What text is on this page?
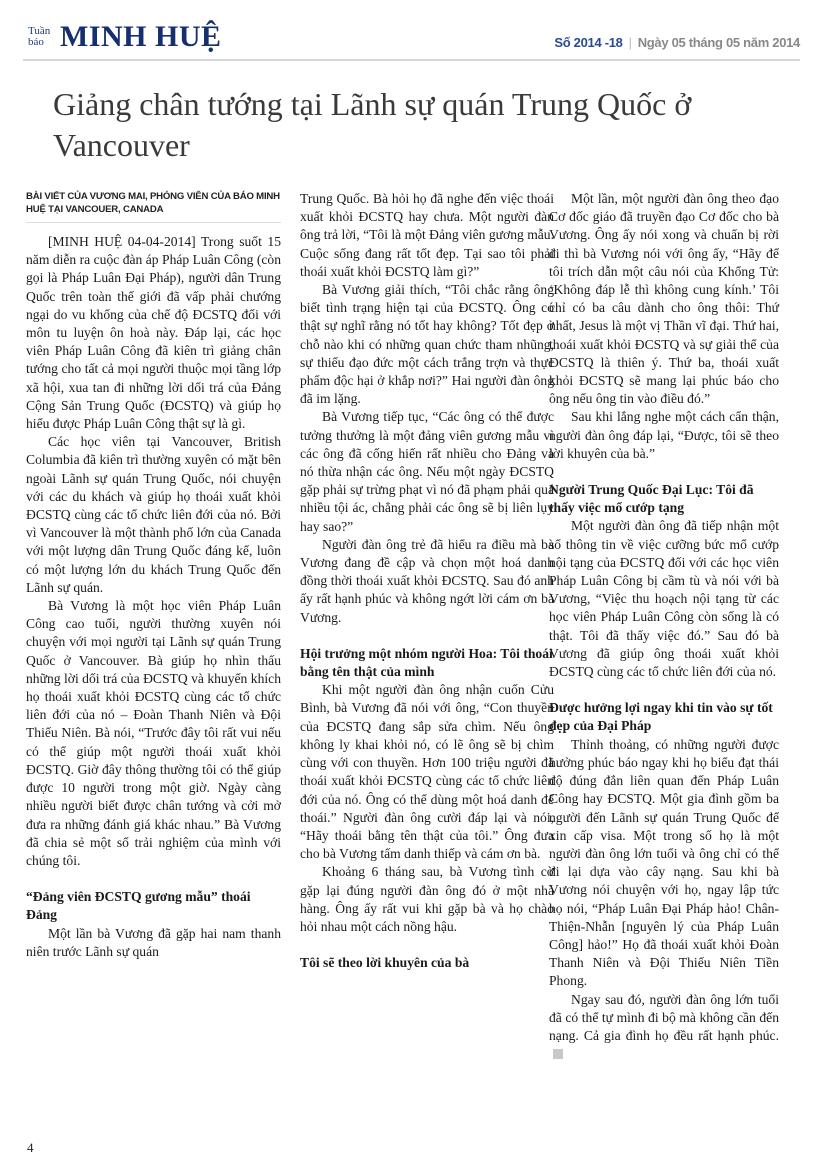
Tuần
báo MINH HUỆ	Số 2014 -18 | Ngày 05 tháng 05 năm 2014
Giảng chân tướng tại Lãnh sự quán Trung Quốc ở Vancouver
BÀI VIẾT CỦA VƯƠNG MAI, PHÓNG VIÊN CỦA BÁO MINH HUỆ TẠI VANCOUER, CANADA

[MINH HUỆ 04-04-2014] Trong suốt 15 năm diễn ra cuộc đàn áp Pháp Luân Công (còn gọi là Pháp Luân Đại Pháp), người dân Trung Quốc trên toàn thế giới đã vấp phải chướng ngại do vu khống của chế độ ĐCSTQ đối với môn tu luyện ôn hoà này. Đáp lại, các học viên Pháp Luân Công đã kiên trì giảng chân tướng cho tất cả mọi người thuộc mọi tầng lớp xã hội, xua tan đi những lời dối trá của Đảng Cộng Sản Trung Quốc (ĐCSTQ) và giúp họ hiểu được Pháp Luân Công thật sự là gì.

Các học viên tại Vancouver, British Columbia đã kiên trì thường xuyên có mặt bên ngoài Lãnh sự quán Trung Quốc, nói chuyện với các du khách và giúp họ thoái xuất khỏi ĐCSTQ cùng các tổ chức liên đới của nó. Bởi vì Vancouver là một thành phố lớn của Canada với một lượng dân Trung Quốc đáng kể, luôn có một lượng lớn du khách Trung Quốc đến Lãnh sự quán.

Bà Vương là một học viên Pháp Luân Công cao tuổi, người thường xuyên nói chuyện với mọi người tại Lãnh sự quán Trung Quốc ở Vancouver. Bà giúp họ nhìn thấu những lời dối trá của ĐCSTQ và khuyến khích họ thoái xuất khỏi ĐCSTQ cùng các tổ chức liên đới của nó – Đoàn Thanh Niên và Đội Thiếu Niên. Bà nói, “Trước đây tôi rất vui nếu có thể giúp một người thoái xuất khỏi ĐCSTQ. Giờ đây thông thường tôi có thể giúp được 10 người trong một giờ. Ngày càng nhiều người biết được chân tướng và cởi mở đưa ra những đánh giá khác nhau.” Bà Vương đã chia sẻ một số trải nghiệm của mình với chúng tôi.

“Đảng viên ĐCSTQ gương mẫu” thoái Đảng

Một lần bà Vương đã gặp hai nam thanh niên trước Lãnh sự quán

Trung Quốc. Bà hỏi họ đã nghe đến việc thoái xuất khỏi ĐCSTQ hay chưa. Một người đàn ông trả lời, “Tôi là một Đảng viên gương mẫu. Cuộc sống đang rất tốt đẹp. Tại sao tôi phải thoái xuất khỏi ĐCSTQ làm gì?”

Bà Vương giải thích, “Tôi chắc rằng ông biết tình trạng hiện tại của ĐCSTQ. Ông có thật sự nghĩ rằng nó tốt hay không? Tốt đẹp ở chỗ nào khi có những quan chức tham nhũng, sự thiếu đạo đức một cách trắng trợn và thực phẩm độc hại ở khắp nơi?” Hai người đàn ông đã im lặng.

Bà Vương tiếp tục, “Các ông có thể được tưởng thưởng là một đảng viên gương mẫu vì các ông đã cống hiến rất nhiều cho Đảng và nó thừa nhận các ông. Nếu một ngày ĐCSTQ gặp phải sự trừng phạt vì nó đã phạm phải quá nhiều tội ác, chẳng phải các ông sẽ bị liên lụy hay sao?”

Người đàn ông trẻ đã hiểu ra điều mà bà Vương đang đề cập và chọn một hoá danh đồng thời thoái xuất khỏi ĐCSTQ. Sau đó anh ấy rất hạnh phúc và không ngớt lời cám ơn bà Vương.

Hội trưởng một nhóm người Hoa: Tôi thoái bằng tên thật của mình

Khi một người đàn ông nhận cuốn Cửu Bình, bà Vương đã nói với ông, “Con thuyền của ĐCSTQ đang sắp sửa chìm. Nếu ông không ly khai khỏi nó, có lẽ ông sẽ bị chìm cùng với con thuyền. Hơn 100 triệu người đã thoái xuất khỏi ĐCSTQ cùng các tổ chức liên đới của nó. Ông có thể dùng một hoá danh để thoái.” Người đàn ông cười đáp lại và nói, “Hãy thoái bằng tên thật của tôi.” Ông đưa cho bà Vương tấm danh thiếp và cám ơn bà.

Khoảng 6 tháng sau, bà Vương tình cờ gặp lại đúng người đàn ông đó ở một nhà hàng. Ông ấy rất vui khi gặp bà và họ chào hỏi nhau một cách nồng hậu.

Tôi sẽ theo lời khuyên của bà

Một lần, một người đàn ông theo đạo Cơ đốc giáo đã truyền đạo Cơ đốc cho bà Vương. Ông ấy nói xong và chuẩn bị rời đi thì bà Vương nói với ông ấy, “Hãy để tôi trích dẫn một câu nói của Khổng Tử: ‘Không đáp lễ thì không cung kính.’ Tôi chỉ có ba câu dành cho ông thôi: Thứ nhất, Jesus là một vị Thần vĩ đại. Thứ hai, thoái xuất khỏi ĐCSTQ và sự giải thể của ĐCSTQ là thiên ý. Thứ ba, thoái xuất khỏi ĐCSTQ sẽ mang lại phúc báo cho ông nếu ông tin vào điều đó.”

Sau khi lắng nghe một cách cẩn thận, người đàn ông đáp lại, “Được, tôi sẽ theo lời khuyên của bà.”

Người Trung Quốc Đại Lục: Tôi đã thấy việc mổ cướp tạng

Một người đàn ông đã tiếp nhận một số thông tin về việc cưỡng bức mổ cướp nội tạng của ĐCSTQ đối với các học viên Pháp Luân Công bị cầm tù và nói với bà Vương, “Việc thu hoạch nội tạng từ các học viên Pháp Luân Công còn sống là có thật. Tôi đã thấy việc đó.” Sau đó bà Vương đã giúp ông thoái xuất khỏi ĐCSTQ cùng các tổ chức liên đới của nó.

Được hưởng lợi ngay khi tin vào sự tốt đẹp của Đại Pháp

Thỉnh thoảng, có những người được hưởng phúc báo ngay khi họ biểu đạt thái độ đúng đắn liên quan đến Pháp Luân Công hay ĐCSTQ. Một gia đình gồm ba người đến Lãnh sự quán Trung Quốc để xin cấp visa. Một trong số họ là một người đàn ông lớn tuổi và ông chỉ có thể đi lại dựa vào cây nạng. Sau khi bà Vương nói chuyện với họ, ngay lập tức họ nói, “Pháp Luân Đại Pháp hảo! Chân-Thiện-Nhẫn [nguyên lý của Pháp Luân Công] hảo!” Họ đã thoái xuất khỏi Đoàn Thanh Niên và Đội Thiếu Niên Tiền Phong.

Ngay sau đó, người đàn ông lớn tuổi đã có thể tự mình đi bộ mà không cần đến nạng. Cả gia đình họ đều rất hạnh phúc.

4
